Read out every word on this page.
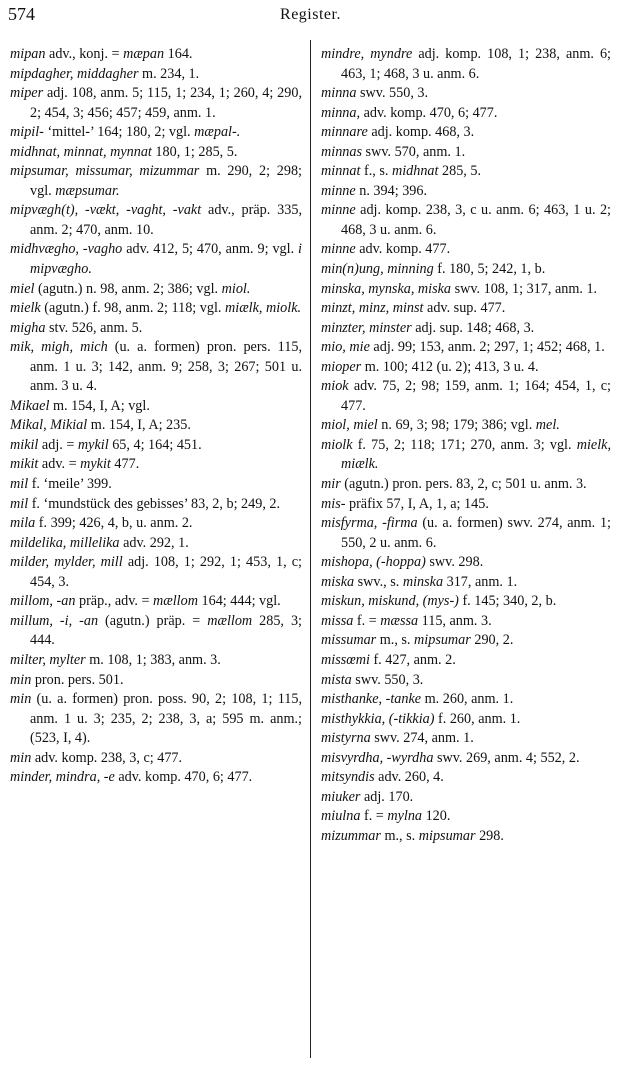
574	Register.
mipan adv., konj. = mæpan 164.
mipdagher, middagher m. 234, 1.
miper adj. 108, anm. 5; 115, 1; 234, 1; 260, 4; 290, 2; 454, 3; 456; 457; 459, anm. 1.
mipil- ‘mittel-’ 164; 180, 2; vgl. mæpal-.
midhnat, minnat, mynnat 180, 1; 285, 5.
mipsumar, missumar, mizummar m. 290, 2; 298; vgl. mæpsumar.
mipvægh(t), -vækt, -vaght, -vakt adv., präp. 335, anm. 2; 470, anm. 10.
midhvægho, -vagho adv. 412, 5; 470, anm. 9; vgl. i mipvægho.
miel (agutn.) n. 98, anm. 2; 386; vgl. miol.
mielk (agutn.) f. 98, anm. 2; 118; vgl. miælk, miolk.
migha stv. 526, anm. 5.
mik, migh, mich (u. a. formen) pron. pers. 115, anm. 1 u. 3; 142, anm. 9; 258, 3; 267; 501 u. anm. 3 u. 4.
Mikael m. 154, I, A; vgl.
Mikal, Mikial m. 154, I, A; 235.
mikil adj. = mykil 65, 4; 164; 451.
mikit adv. = mykit 477.
mil f. ‘meile’ 399.
mil f. ‘mundstück des gebisses’ 83, 2, b; 249, 2.
mila f. 399; 426, 4, b, u. anm. 2.
mildelika, millelika adv. 292, 1.
milder, mylder, mill adj. 108, 1; 292, 1; 453, 1, c; 454, 3.
millom, -an präp., adv. = mællom 164; 444; vgl.
millum, -i, -an (agutn.) präp. = mællom 285, 3; 444.
milter, mylter m. 108, 1; 383, anm. 3.
min pron. pers. 501.
min (u. a. formen) pron. poss. 90, 2; 108, 1; 115, anm. 1 u. 3; 235, 2; 238, 3, a; 595 m. anm.; (523, I, 4).
min adv. komp. 238, 3, c; 477.
minder, mindra, -e adv. komp. 470, 6; 477.
mindre, myndre adj. komp. 108, 1; 238, anm. 6; 463, 1; 468, 3 u. anm. 6.
minna swv. 550, 3.
minna, adv. komp. 470, 6; 477.
minnare adj. komp. 468, 3.
minnas swv. 570, anm. 1.
minnat f., s. midhnat 285, 5.
minne n. 394; 396.
minne adj. komp. 238, 3, c u. anm. 6; 463, 1 u. 2; 468, 3 u. anm. 6.
minne adv. komp. 477.
min(n)ung, minning f. 180, 5; 242, 1, b.
minska, mynska, miska swv. 108, 1; 317, anm. 1.
minzt, minz, minst adv. sup. 477.
minzter, minster adj. sup. 148; 468, 3.
mio, mie adj. 99; 153, anm. 2; 297, 1; 452; 468, 1.
mioper m. 100; 412 (u. 2); 413, 3 u. 4.
miok adv. 75, 2; 98; 159, anm. 1; 164; 454, 1, c; 477.
miol, miel n. 69, 3; 98; 179; 386; vgl. mel.
miolk f. 75, 2; 118; 171; 270, anm. 3; vgl. mielk, miælk.
mir (agutn.) pron. pers. 83, 2, c; 501 u. anm. 3.
mis- präfix 57, I, A, 1, a; 145.
misfyrma, -firma (u. a. formen) swv. 274, anm. 1; 550, 2 u. anm. 6.
mishopa, (-hoppa) swv. 298.
miska swv., s. minska 317, anm. 1.
miskun, miskund, (mys-) f. 145; 340, 2, b.
missa f. = mæssa 115, anm. 3.
missumar m., s. mipsumar 290, 2.
missœmi f. 427, anm. 2.
mista swv. 550, 3.
misthanke, -tanke m. 260, anm. 1.
misthykkia, (-tikkia) f. 260, anm. 1.
mistyrna swv. 274, anm. 1.
misvyrdha, -wyrdha swv. 269, anm. 4; 552, 2.
mitsyndis adv. 260, 4.
miuker adj. 170.
miulna f. = mylna 120.
mizummar m., s. mipsumar 298.
